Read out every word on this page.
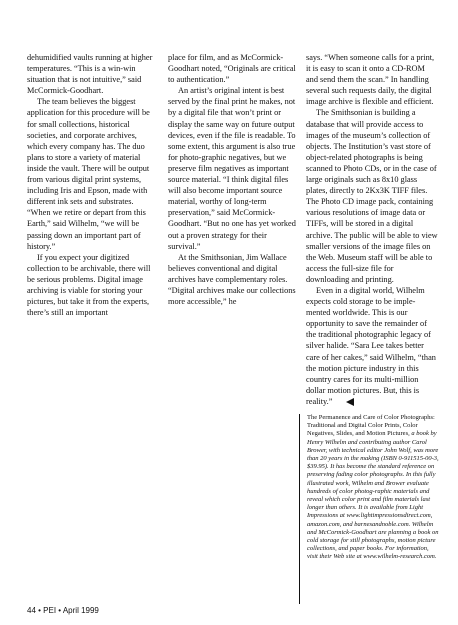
dehumidified vaults running at higher temperatures. “This is a win-win situation that is not intuitive,” said McCormick-Goodhart.

The team believes the biggest application for this procedure will be for small collections, historical societies, and corporate archives, which every company has. The duo plans to store a variety of material inside the vault. There will be output from various digital print systems, including Iris and Epson, made with different ink sets and substrates. “When we retire or depart from this Earth,” said Wilhelm, “we will be passing down an important part of history.”

If you expect your digitized collection to be archivable, there will be serious problems. Digital image archiving is viable for storing your pictures, but take it from the experts, there’s still an important

place for film, and as McCormick-Goodhart noted, “Originals are critical to authentication.”

An artist’s original intent is best served by the final print he makes, not by a digital file that won’t print or display the same way on future output devices, even if the file is readable. To some extent, this argument is also true for photo-graphic negatives, but we preserve film negatives as important source material. “I think digital files will also become important source material, worthy of long-term preservation,” said McCormick-Goodhart. “But no one has yet worked out a proven strategy for their survival.”

At the Smithsonian, Jim Wallace believes conventional and digital archives have complementary roles. “Digital archives make our collections more accessible,” he

says. “When someone calls for a print, it is easy to scan it onto a CD-ROM and send them the scan.” In handling several such requests daily, the digital image archive is flexible and efficient.

The Smithsonian is building a database that will provide access to images of the museum’s collection of objects. The Institution’s vast store of object-related photographs is being scanned to Photo CDs, or in the case of large originals such as 8x10 glass plates, directly to 2Kx3K TIFF files. The Photo CD image pack, containing various resolutions of image data or TIFFs, will be stored in a digital archive. The public will be able to view smaller versions of the image files on the Web. Museum staff will be able to access the full-size file for downloading and printing.

Even in a digital world, Wilhelm expects cold storage to be imple-mented worldwide. This is our opportunity to save the remainder of the traditional photographic legacy of silver halide. “Sara Lee takes better care of her cakes,” said Wilhelm, “than the motion picture industry in this country cares for its multi-million dollar motion pictures. But, this is reality.”

The Permanence and Care of Color Photographs: Traditional and Digital Color Prints, Color Negatives, Slides, and Motion Pictures, a book by Henry Wilhelm and contributing author Carol Brower, with technical editor John Wolf, was more than 20 years in the making (ISBN 0-911515-00-3, $39.95). It has become the standard reference on preserving fading color photographs. In this fully illustrated work, Wilhelm and Brower evaluate hundreds of color photog-raphic materials and reveal which color print and film materials last longer than others. It is available from Light Impressions at www.lightimpressionsdirect.com, amazon.com, and barnesandnoble.com. Wilhelm and McCormick-Goodhart are planning a book on cold storage for still photographs, motion picture collections, and paper books. For information, visit their Web site at www.wilhelm-research.com.
44 • PEI • April 1999
